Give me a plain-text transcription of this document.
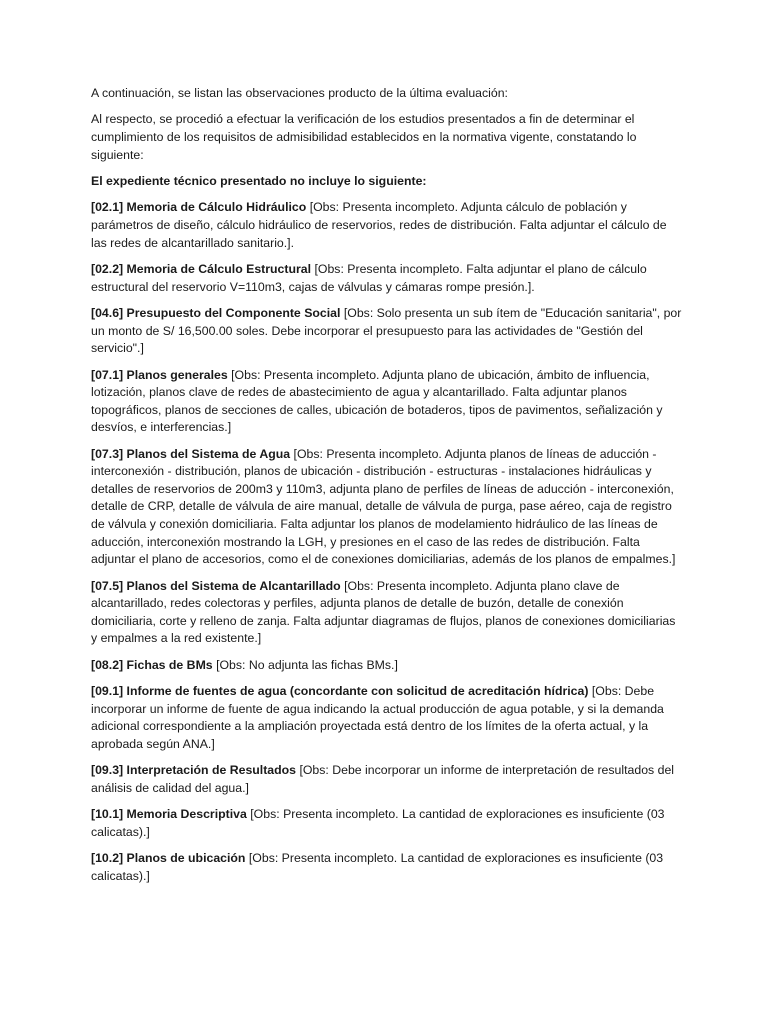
A continuación, se listan las observaciones producto de la última evaluación:

Al respecto, se procedió a efectuar la verificación de los estudios presentados a fin de determinar el cumplimiento de los requisitos de admisibilidad establecidos en la normativa vigente, constatando lo siguiente:

El expediente técnico presentado no incluye lo siguiente:

[02.1] Memoria de Cálculo Hidráulico [Obs: Presenta incompleto. Adjunta cálculo de población y parámetros de diseño, cálculo hidráulico de reservorios, redes de distribución. Falta adjuntar el cálculo de las redes de alcantarillado sanitario.].

[02.2] Memoria de Cálculo Estructural [Obs: Presenta incompleto. Falta adjuntar el plano de cálculo estructural del reservorio V=110m3, cajas de válvulas y cámaras rompe presión.].

[04.6] Presupuesto del Componente Social [Obs: Solo presenta un sub ítem de "Educación sanitaria", por un monto de S/ 16,500.00 soles. Debe incorporar el presupuesto para las actividades de "Gestión del servicio".]

[07.1] Planos generales [Obs: Presenta incompleto. Adjunta plano de ubicación, ámbito de influencia, lotización, planos clave de redes de abastecimiento de agua y alcantarillado. Falta adjuntar planos topográficos, planos de secciones de calles, ubicación de botaderos, tipos de pavimentos, señalización y desvíos, e interferencias.]

[07.3] Planos del Sistema de Agua [Obs: Presenta incompleto. Adjunta planos de líneas de aducción - interconexión - distribución, planos de ubicación - distribución - estructuras - instalaciones hidráulicas y detalles de reservorios de 200m3 y 110m3, adjunta plano de perfiles de líneas de aducción - interconexión, detalle de CRP, detalle de válvula de aire manual, detalle de válvula de purga, pase aéreo, caja de registro de válvula y conexión domiciliaria. Falta adjuntar los planos de modelamiento hidráulico de las líneas de aducción, interconexión mostrando la LGH, y presiones en el caso de las redes de distribución. Falta adjuntar el plano de accesorios, como el de conexiones domiciliarias, además de los planos de empalmes.]

[07.5] Planos del Sistema de Alcantarillado [Obs: Presenta incompleto. Adjunta plano clave de alcantarillado, redes colectoras y perfiles, adjunta planos de detalle de buzón, detalle de conexión domiciliaria, corte y relleno de zanja. Falta adjuntar diagramas de flujos, planos de conexiones domiciliarias y empalmes a la red existente.]

[08.2] Fichas de BMs [Obs: No adjunta las fichas BMs.]

[09.1] Informe de fuentes de agua (concordante con solicitud de acreditación hídrica) [Obs: Debe incorporar un informe de fuente de agua indicando la actual producción de agua potable, y si la demanda adicional correspondiente a la ampliación proyectada está dentro de los límites de la oferta actual, y la aprobada según ANA.]

[09.3] Interpretación de Resultados [Obs: Debe incorporar un informe de interpretación de resultados del análisis de calidad del agua.]

[10.1] Memoria Descriptiva [Obs: Presenta incompleto. La cantidad de exploraciones es insuficiente (03 calicatas).]

[10.2] Planos de ubicación [Obs: Presenta incompleto. La cantidad de exploraciones es insuficiente (03 calicatas).]
